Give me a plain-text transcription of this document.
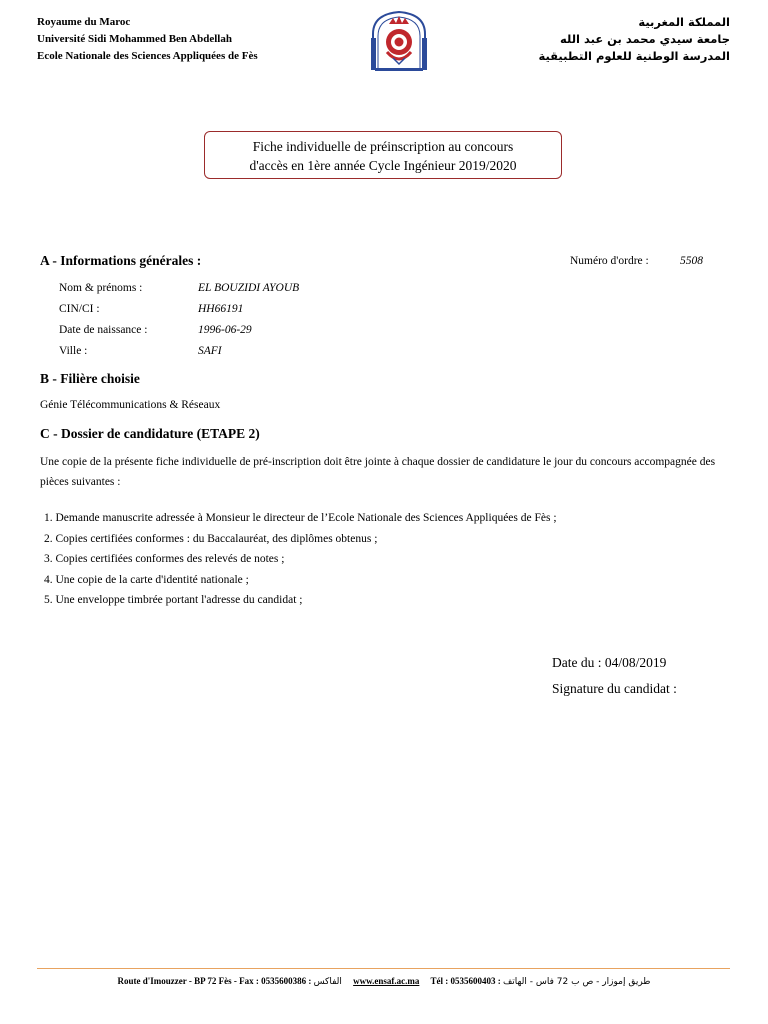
Royaume du Maroc
Université Sidi Mohammed Ben Abdellah
Ecole Nationale des Sciences Appliquées de Fès
المملكة المغربية
جامعة سيدي محمد بن عبد الله
المدرسة الوطنية للعلوم التطبيقية
Fiche individuelle de préinscription au concours
d'accès en 1ère année Cycle Ingénieur 2019/2020
A - Informations générales :	Numéro d'ordre :	5508
Nom & prénoms :	EL BOUZIDI AYOUB
CIN/CI :	HH66191
Date de naissance :	1996-06-29
Ville :	SAFI
B - Filière choisie
Génie Télécommunications & Réseaux
C - Dossier de candidature (ETAPE 2)
Une copie de la présente fiche individuelle de pré-inscription doit être jointe à chaque dossier de candidature le jour du concours accompagnée des pièces suivantes :
1. Demande manuscrite adressée à Monsieur le directeur de l’Ecole Nationale des Sciences Appliquées de Fès ;
2. Copies certifiées conformes : du Baccalauréat, des diplômes obtenus ;
3. Copies certifiées conformes des relevés de notes ;
4. Une copie de la carte d'identité nationale ;
5. Une enveloppe timbrée portant l'adresse du candidat ;
Date du : 04/08/2019
Signature du candidat :
Route d'Imouzzer - BP 72 Fès - Fax : 0535600386 : الفاكس www.ensaf.ac.ma Tél : 0535600403 : طريق إموزار - ص ب 72 فاس - الهاتف
